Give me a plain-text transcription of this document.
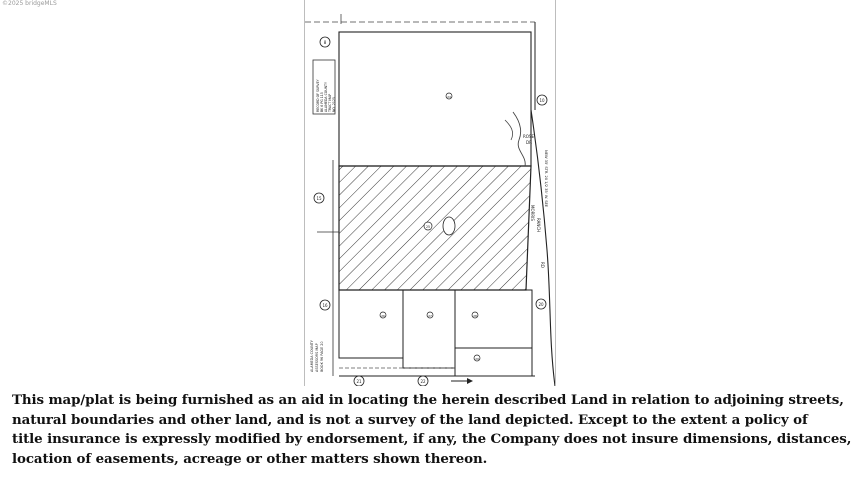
©2025 bridgeMLS
RECORD OF SURVEY BK 6 PG 115 ALAMEDA COUNTY TRACT MAP NO. 2125
ALAMEDA COUNTY ASSESSORS MAP BOOK 96 PAGE 20
MORRIS
RANCH
RD
NEW 35' STR. 20 1/2 35' W. SEE
ROSE
DR
8
10
15
16	20
21	22
24
25
26	27	28
29
This map/plat is being furnished as an aid in locating the herein described Land in relation to adjoining streets,
natural boundaries and other land, and is not a survey of the land depicted. Except to the extent a policy of
title insurance is expressly modified by endorsement, if any, the Company does not insure dimensions, distances,
location of easements, acreage or other matters shown thereon.
